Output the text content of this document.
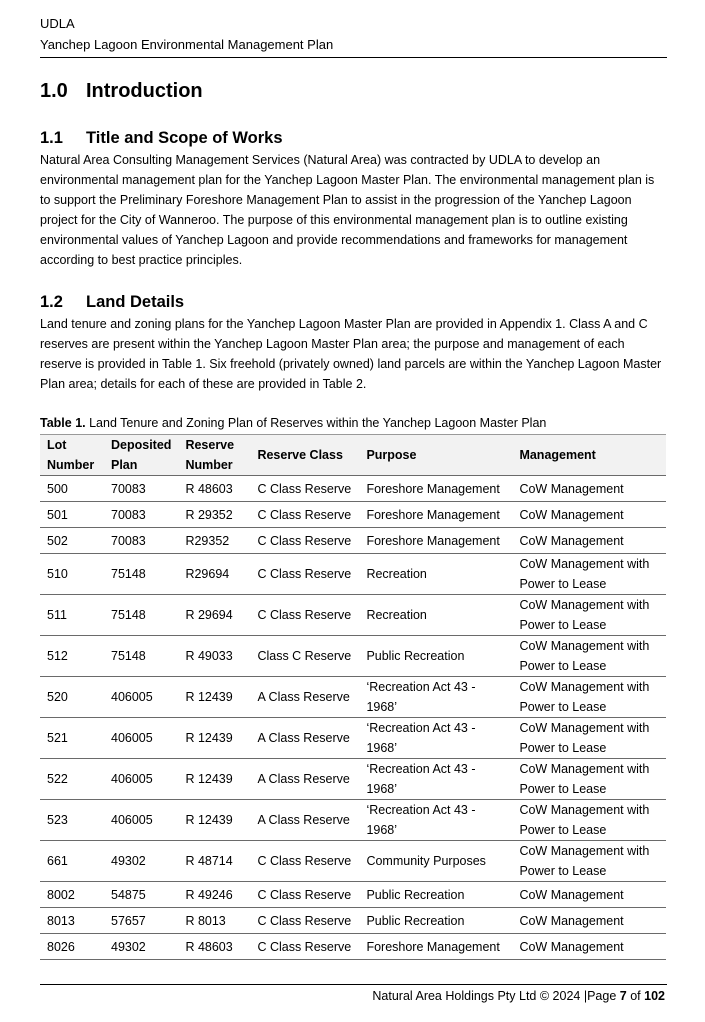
UDLA
Yanchep Lagoon Environmental Management Plan
1.0 Introduction
1.1 Title and Scope of Works

Natural Area Consulting Management Services (Natural Area) was contracted by UDLA to develop an environmental management plan for the Yanchep Lagoon Master Plan. The environmental management plan is to support the Preliminary Foreshore Management Plan to assist in the progression of the Yanchep Lagoon project for the City of Wanneroo. The purpose of this environmental management plan is to outline existing environmental values of Yanchep Lagoon and provide recommendations and frameworks for management according to best practice principles.

1.2 Land Details

Land tenure and zoning plans for the Yanchep Lagoon Master Plan are provided in Appendix 1. Class A and C reserves are present within the Yanchep Lagoon Master Plan area; the purpose and management of each reserve is provided in Table 1. Six freehold (privately owned) land parcels are within the Yanchep Lagoon Master Plan area; details for each of these are provided in Table 2.

Table 1. Land Tenure and Zoning Plan of Reserves within the Yanchep Lagoon Master Plan
Lot Number	Deposited Plan	Reserve Number	Reserve Class	Purpose	Management
500	70083	R 48603	C Class Reserve	Foreshore Management	CoW Management
501	70083	R 29352	C Class Reserve	Foreshore Management	CoW Management
502	70083	R29352	C Class Reserve	Foreshore Management	CoW Management
510	75148	R29694	C Class Reserve	Recreation	CoW Management with Power to Lease
511	75148	R 29694	C Class Reserve	Recreation	CoW Management with Power to Lease
512	75148	R 49033	Class C Reserve	Public Recreation	CoW Management with Power to Lease
520	406005	R 12439	A Class Reserve	‘Recreation Act 43 - 1968’	CoW Management with Power to Lease
521	406005	R 12439	A Class Reserve	‘Recreation Act 43 - 1968’	CoW Management with Power to Lease
522	406005	R 12439	A Class Reserve	‘Recreation Act 43 - 1968’	CoW Management with Power to Lease
523	406005	R 12439	A Class Reserve	‘Recreation Act 43 - 1968’	CoW Management with Power to Lease
661	49302	R 48714	C Class Reserve	Community Purposes	CoW Management with Power to Lease
8002	54875	R 49246	C Class Reserve	Public Recreation	CoW Management
8013	57657	R 8013	C Class Reserve	Public Recreation	CoW Management
8026	49302	R 48603	C Class Reserve	Foreshore Management	CoW Management
Natural Area Holdings Pty Ltd © 2024 |Page 7 of 102
